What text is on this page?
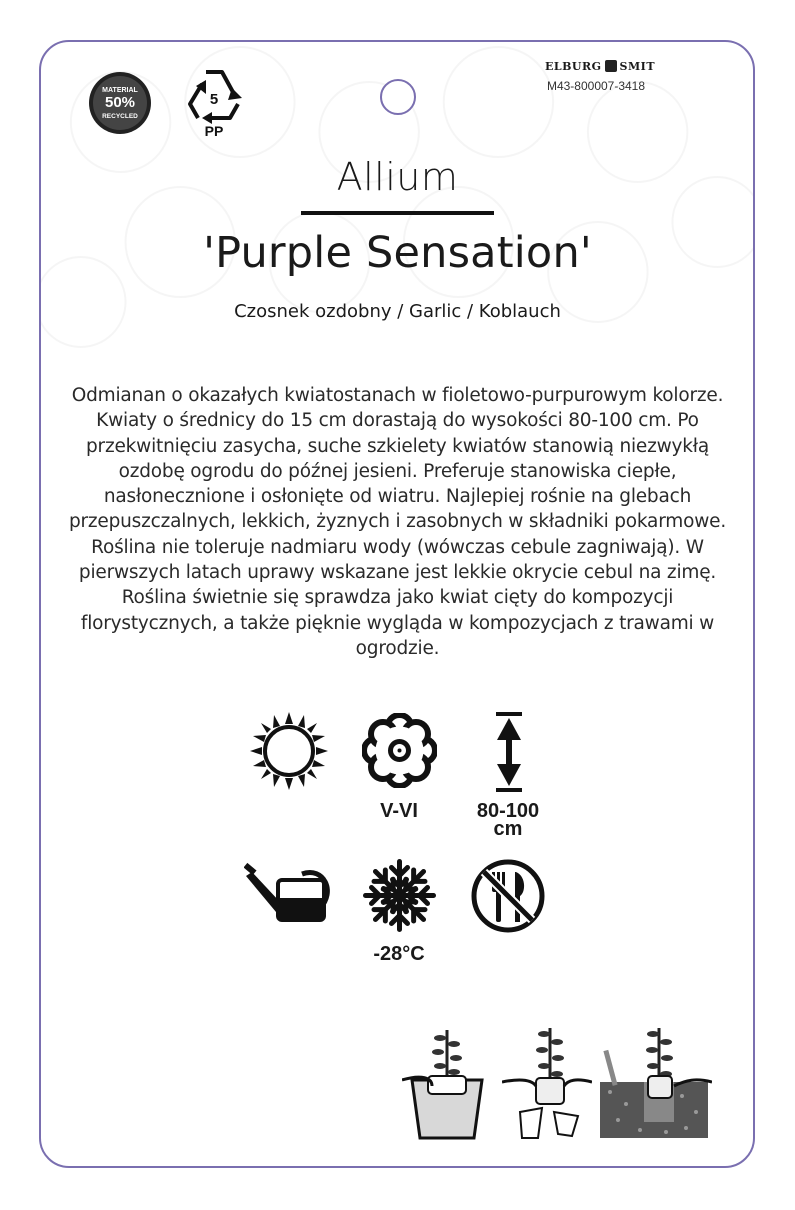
MATERIAL
50%
RECYCLED
5
PP
ELBURG SMIT
M43-800007-3418
Allium
'Purple Sensation'
Czosnek ozdobny / Garlic / Koblauch
Odmianan o okazałych kwiatostanach w fioletowo-purpurowym kolorze. Kwiaty o średnicy do 15 cm dorastają do wysokości 80-100 cm. Po przekwitnięciu zasycha, suche szkielety kwiatów stanowią niezwykłą ozdobę ogrodu do późnej jesieni. Preferuje stanowiska ciepłe, nasłonecznione i osłonięte od wiatru. Najlepiej rośnie na glebach przepuszczalnych, lekkich, żyznych i zasobnych w składniki pokarmowe. Roślina nie toleruje nadmiaru wody (wówczas cebule zagniwają). W pierwszych latach uprawy wskazane jest lekkie okrycie cebul na zimę. Roślina świetnie się sprawdza jako kwiat cięty do kompozycji florystycznych, a także pięknie wygląda w kompozycjach z trawami w ogrodzie.
V-VI	80-100
cm
-28°C
